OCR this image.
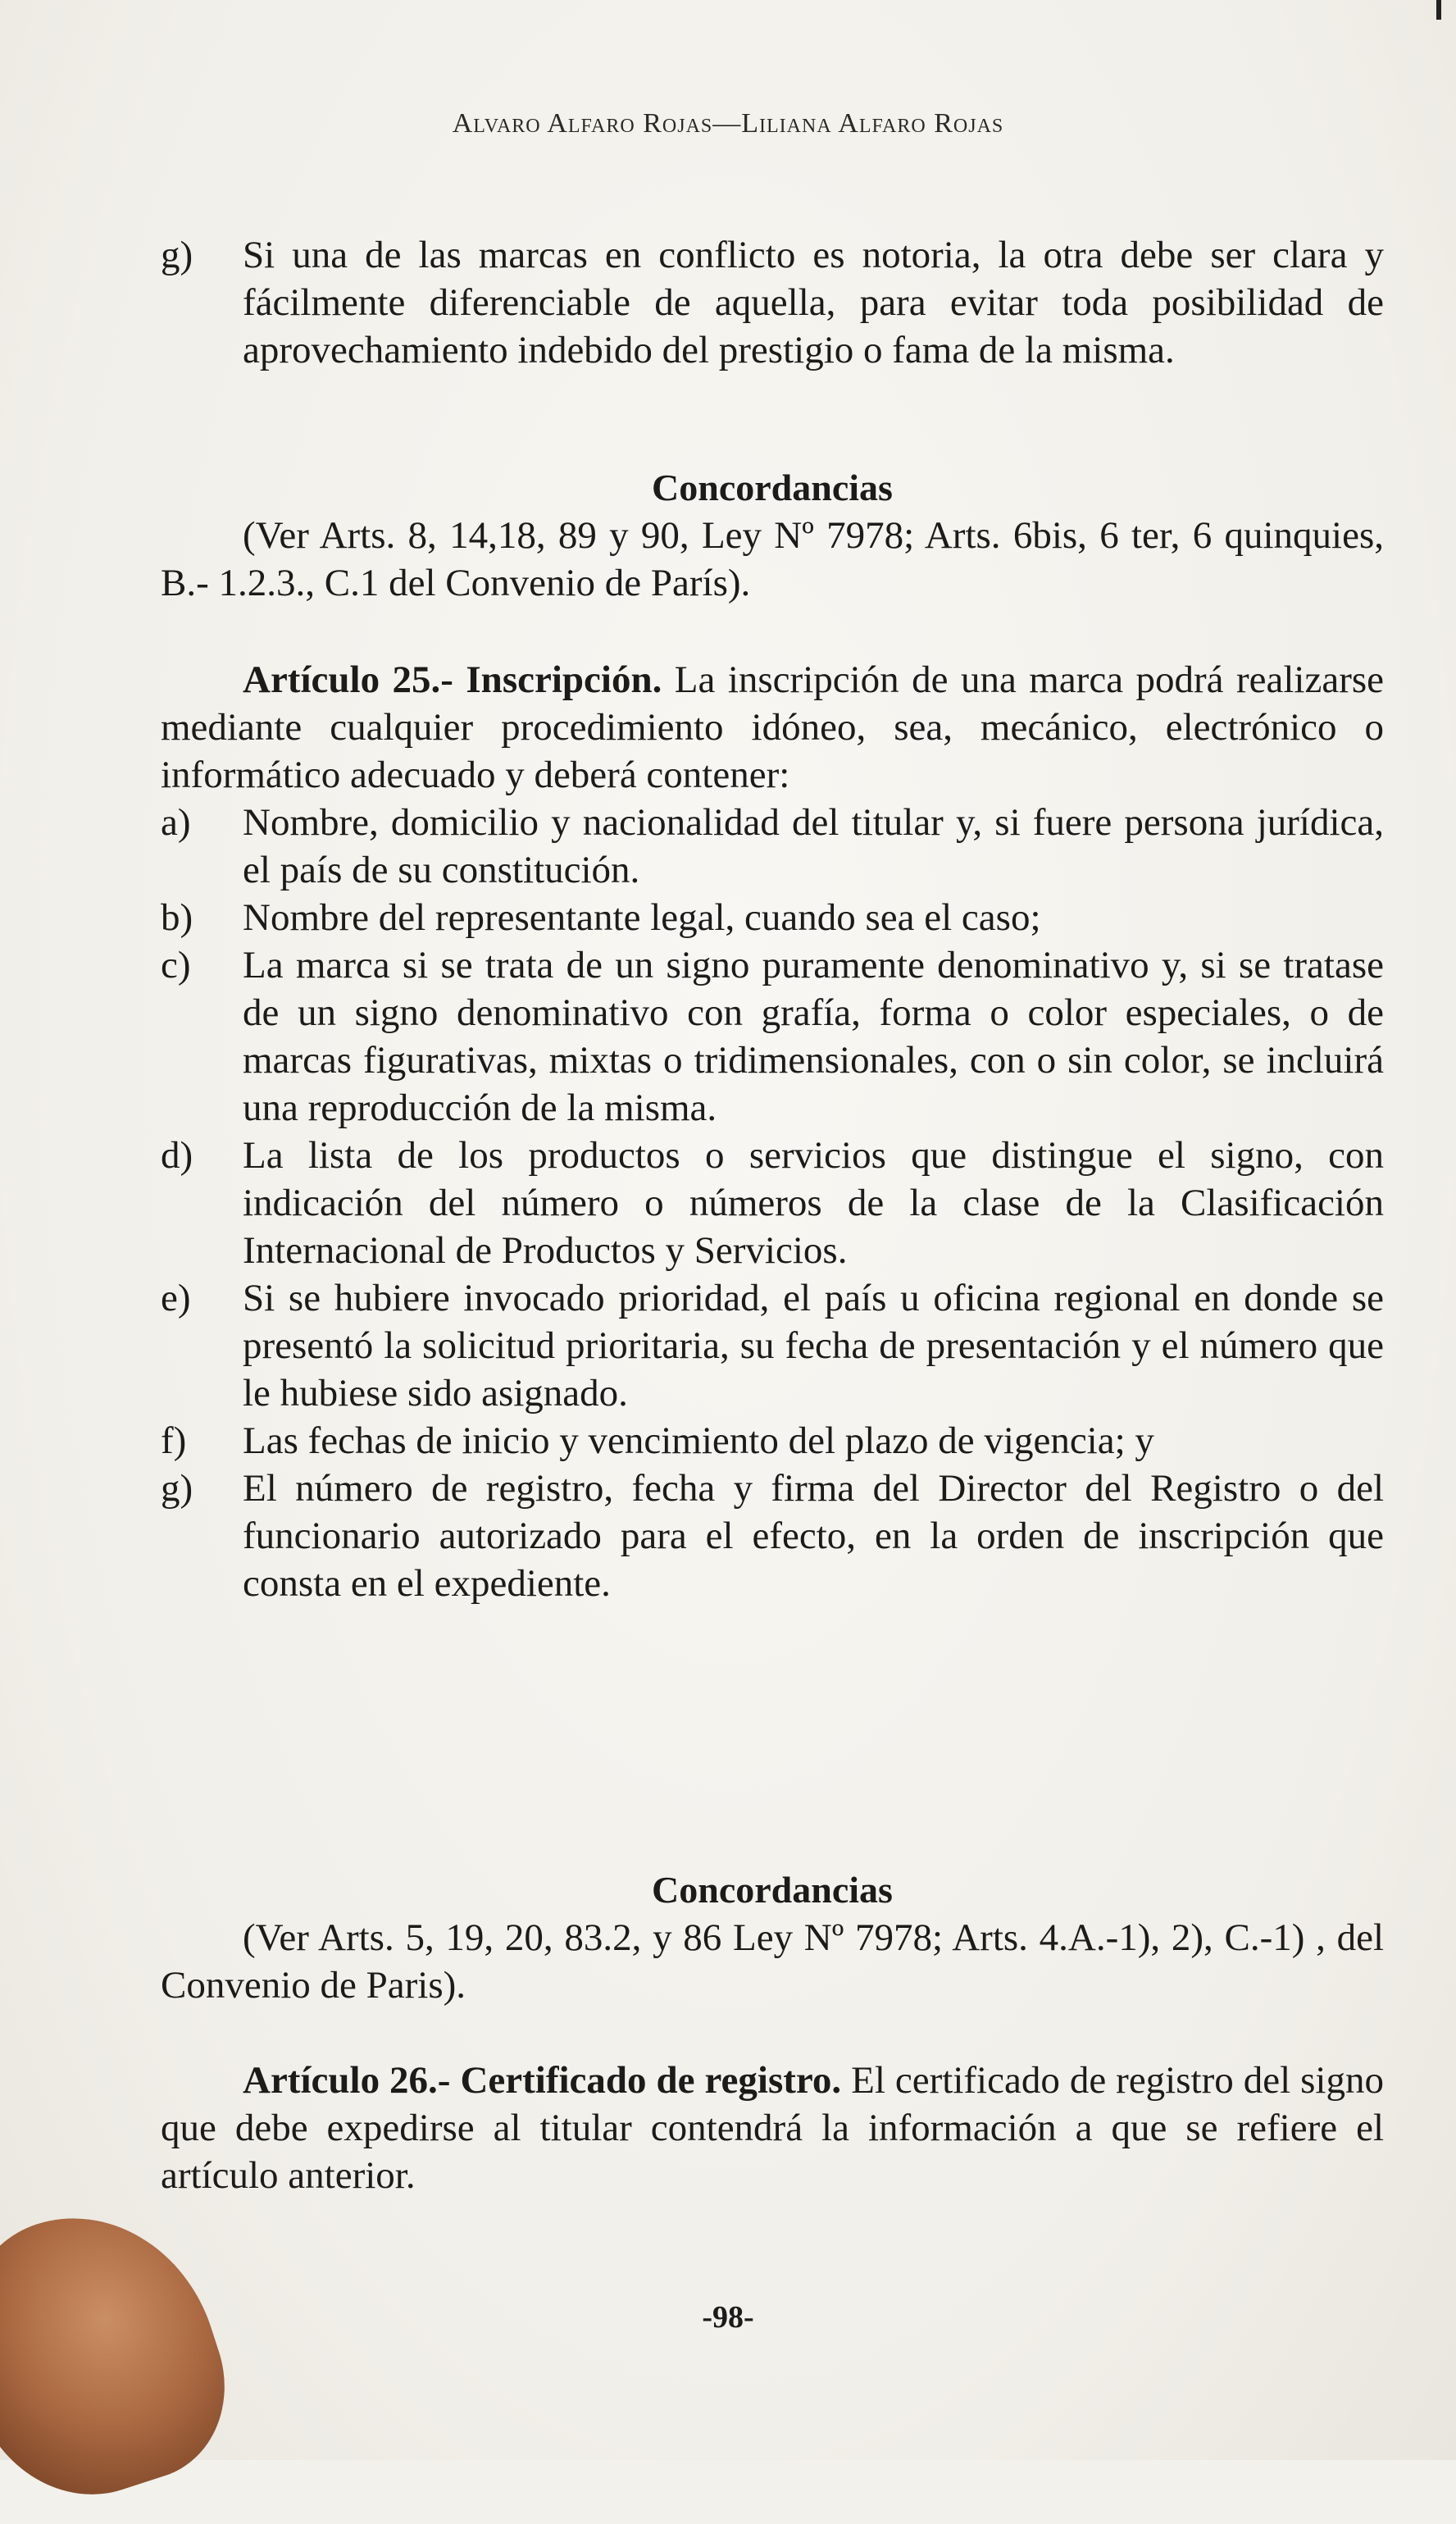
Alvaro Alfaro Rojas—Liliana Alfaro Rojas
g) Si una de las marcas en conflicto es notoria, la otra debe ser clara y fácilmente diferenciable de aquella, para evitar toda posibilidad de aprovechamiento indebido del prestigio o fama de la misma.
Concordancias
(Ver Arts. 8, 14,18, 89 y 90, Ley Nº 7978; Arts. 6bis, 6 ter, 6 quinquies, B.- 1.2.3., C.1 del Convenio de París).
Artículo 25.- Inscripción. La inscripción de una marca podrá realizarse mediante cualquier procedimiento idóneo, sea, mecánico, electrónico o informático adecuado y deberá contener:
a) Nombre, domicilio y nacionalidad del titular y, si fuere persona jurídica, el país de su constitución.
b) Nombre del representante legal, cuando sea el caso;
c) La marca si se trata de un signo puramente denominativo y, si se tratase de un signo denominativo con grafía, forma o color especiales, o de marcas figurativas, mixtas o tridimensionales, con o sin color, se incluirá una reproducción de la misma.
d) La lista de los productos o servicios que distingue el signo, con indicación del número o números de la clase de la Clasificación Internacional de Productos y Servicios.
e) Si se hubiere invocado prioridad, el país u oficina regional en donde se presentó la solicitud prioritaria, su fecha de presentación y el número que le hubiese sido asignado.
f) Las fechas de inicio y vencimiento del plazo de vigencia; y
g) El número de registro, fecha y firma del Director del Registro o del funcionario autorizado para el efecto, en la orden de inscripción que consta en el expediente.
Concordancias
(Ver Arts. 5, 19, 20, 83.2, y 86 Ley Nº 7978; Arts. 4.A.-1), 2), C.-1) , del Convenio de Paris).
Artículo 26.- Certificado de registro. El certificado de registro del signo que debe expedirse al titular contendrá la información a que se refiere el artículo anterior.
-98-
